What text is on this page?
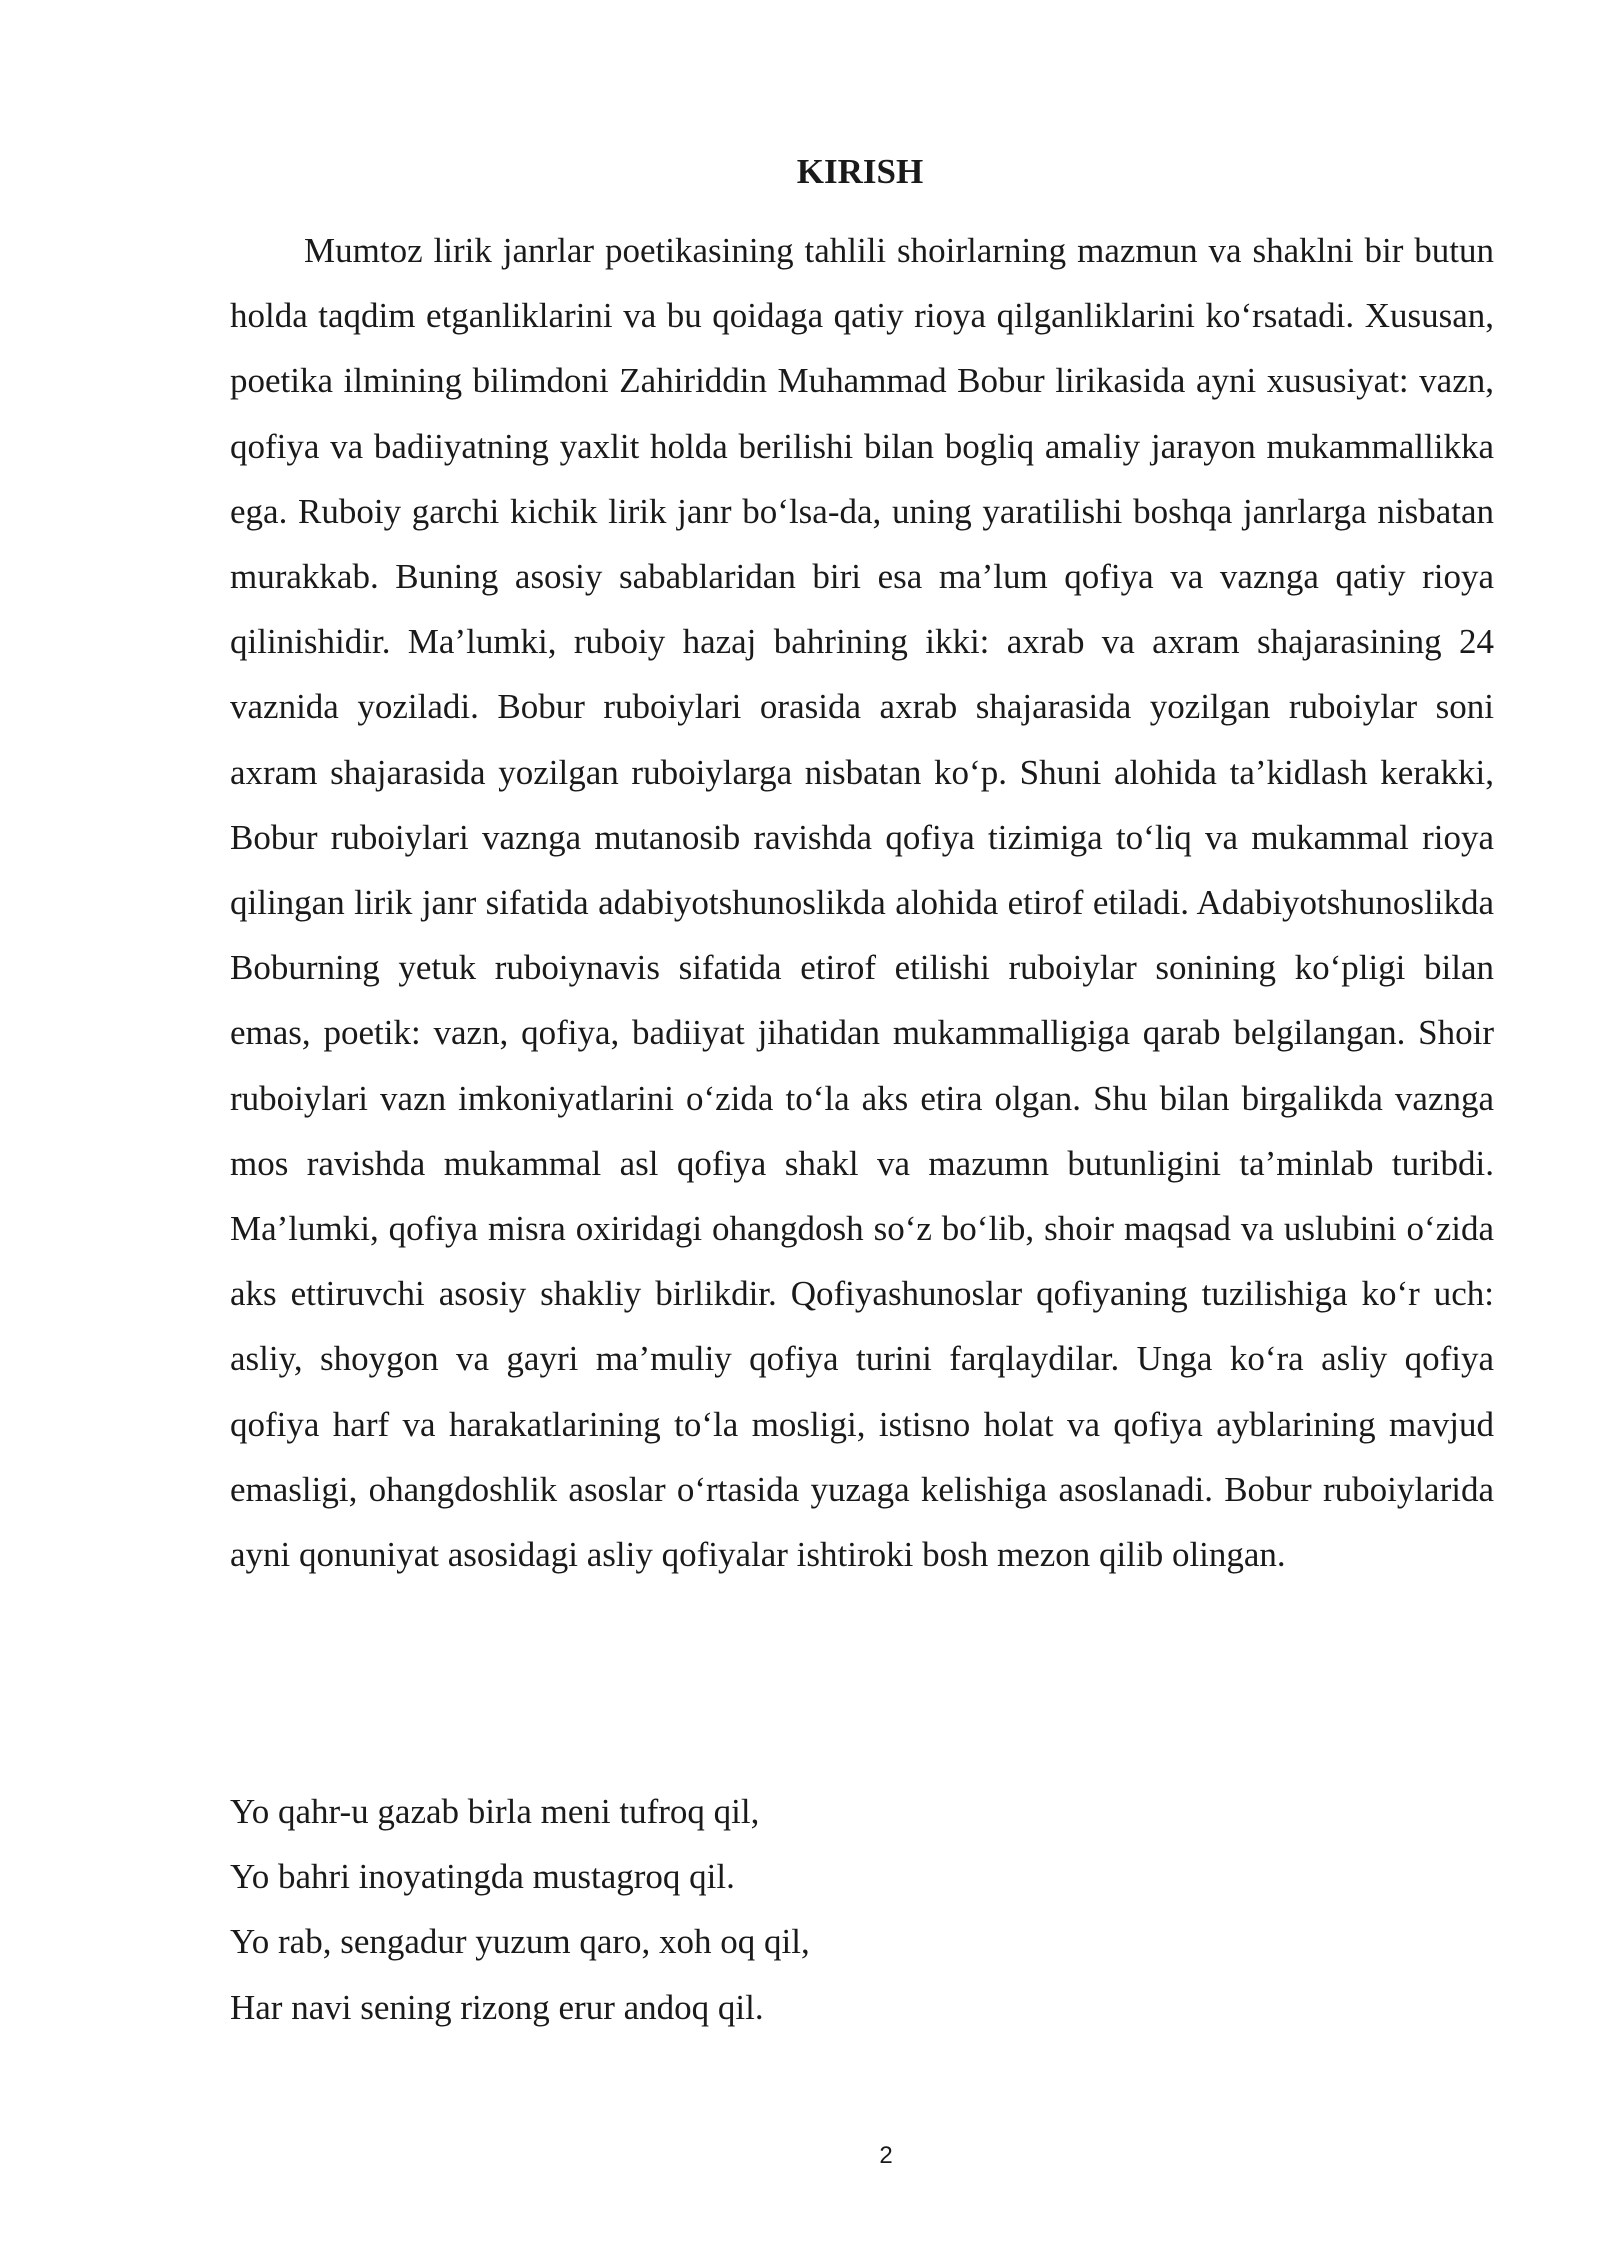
KIRISH

Mumtoz lirik janrlar poetikasining tahlili shoirlarning mazmun va shaklni bir butun holda taqdim etganliklarini va bu qoidaga qatiy rioya qilganliklarini ko‘rsatadi. Xususan, poetika ilmining bilimdoni Zahiriddin Muhammad Bobur lirikasida ayni xususiyat: vazn, qofiya va badiiyatning yaxlit holda berilishi bilan bogliq amaliy jarayon mukammallikka ega. Ruboiy garchi kichik lirik janr bo‘lsa-da, uning yaratilishi boshqa janrlarga nisbatan murakkab. Buning asosiy sabablaridan biri esa ma’lum qofiya va vaznga qatiy rioya qilinishidir. Ma’lumki, ruboiy hazaj bahrining ikki: axrab va axram shajarasining 24 vaznida yoziladi. Bobur ruboiylari orasida axrab shajarasida yozilgan ruboiylar soni axram shajarasida yozilgan ruboiylarga nisbatan ko‘p. Shuni alohida ta’kidlash kerakki, Bobur ruboiylari vaznga mutanosib ravishda qofiya tizimiga to‘liq va mukammal rioya qilingan lirik janr sifatida adabiyotshunoslikda alohida etirof etiladi. Adabiyotshunoslikda Boburning yetuk ruboiynavis sifatida etirof etilishi ruboiylar sonining ko‘pligi bilan emas, poetik: vazn, qofiya, badiiyat jihatidan mukammalligiga qarab belgilangan. Shoir ruboiylari vazn imkoniyatlarini o‘zida to‘la aks etira olgan. Shu bilan birgalikda vaznga mos ravishda mukammal asl qofiya shakl va mazumn butunligini ta’minlab turibdi. Ma’lumki, qofiya misra oxiridagi ohangdosh so‘z bo‘lib, shoir maqsad va uslubini o‘zida aks ettiruvchi asosiy shakliy birlikdir. Qofiyashunoslar qofiyaning tuzilishiga ko‘r uch: asliy, shoygon va gayri ma’muliy qofiya turini farqlaydilar. Unga ko‘ra asliy qofiya qofiya harf va harakatlarining to‘la mosligi, istisno holat va qofiya ayblarining mavjud emasligi, ohangdoshlik asoslar o‘rtasida yuzaga kelishiga asoslanadi. Bobur ruboiylarida ayni qonuniyat asosidagi asliy qofiyalar ishtiroki bosh mezon qilib olingan.

Yo qahr-u gazab birla meni tufroq qil,
Yo bahri inoyatingda mustagroq qil.
Yo rab, sengadur yuzum qaro, xoh oq qil,
Har navi sening rizong erur andoq qil.
2
